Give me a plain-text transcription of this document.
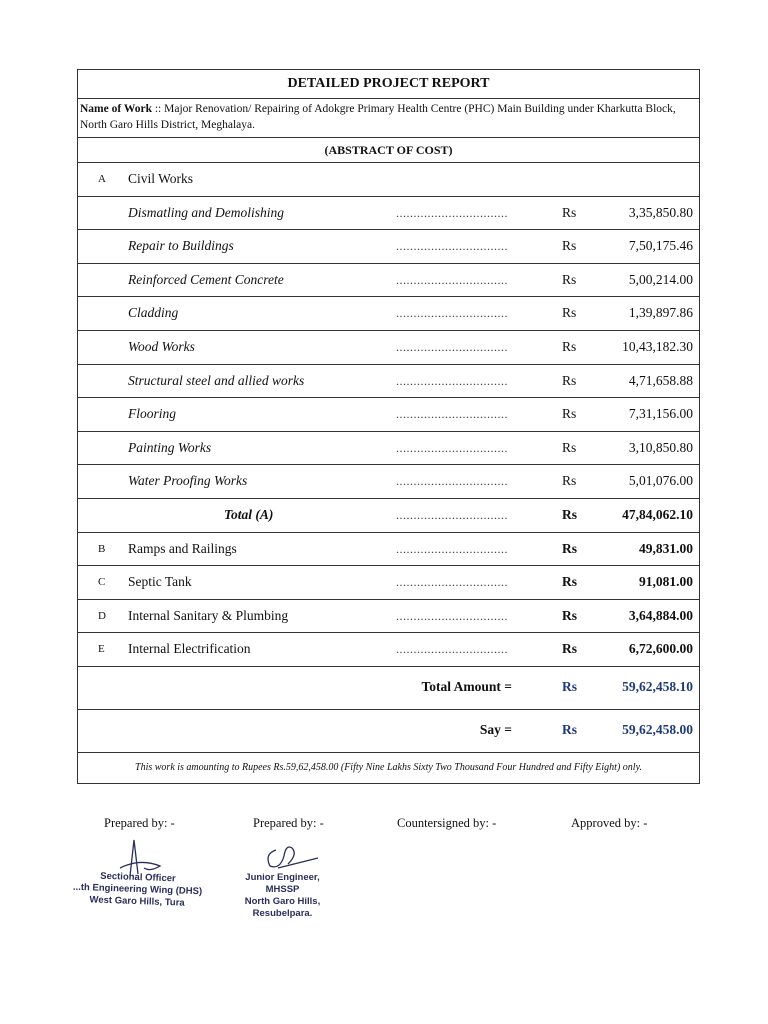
DETAILED PROJECT REPORT
Name of Work :: Major Renovation/ Repairing of Adokgre Primary Health Centre (PHC) Main Building under Kharkutta Block, North Garo Hills District, Meghalaya.
(ABSTRACT OF COST)
A Civil Works
Dismatling and Demolishing	................................	Rs	3,35,850.80
Repair to Buildings	................................	Rs	7,50,175.46
Reinforced Cement Concrete	................................	Rs	5,00,214.00
Cladding	................................	Rs	1,39,897.86
Wood Works	................................	Rs	10,43,182.30
Structural steel and allied works	................................	Rs	4,71,658.88
Flooring	................................	Rs	7,31,156.00
Painting Works	................................	Rs	3,10,850.80
Water Proofing Works	................................	Rs	5,01,076.00
Total (A)	................................	Rs	47,84,062.10
B Ramps and Railings	................................	Rs	49,831.00
C Septic Tank	................................	Rs	91,081.00
D Internal Sanitary & Plumbing	................................	Rs	3,64,884.00
E Internal Electrification	................................	Rs	6,72,600.00
Total Amount =	Rs	59,62,458.10
Say =	Rs	59,62,458.00
This work is amounting to Rupees Rs.59,62,458.00 (Fifty Nine Lakhs Sixty Two Thousand Four Hundred and Fifty Eight) only.
Prepared by: -	Prepared by: -	Countersigned by: -	Approved by: -
Sectional Officer
...th Engineering Wing (DHS)
West Garo Hills, Tura
Junior Engineer,
MHSSP
North Garo Hills,
Resubelpara.
